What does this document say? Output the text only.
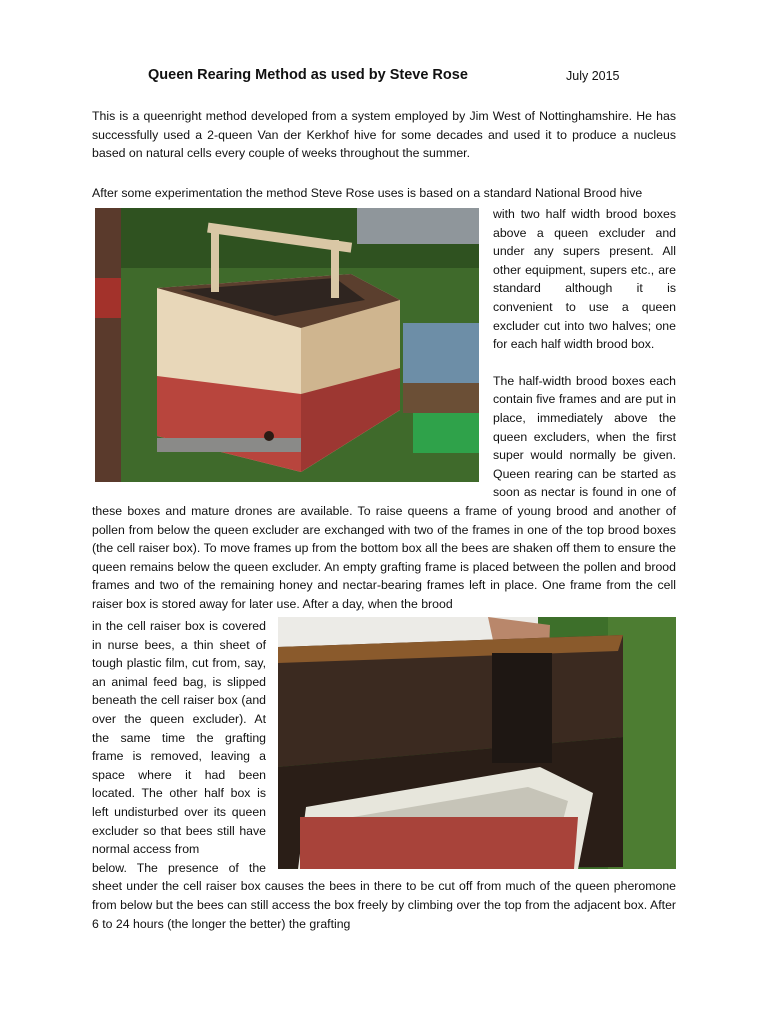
Queen Rearing Method as used by Steve Rose	July 2015

This is a queenright method developed from a system employed by Jim West of Nottinghamshire. He has successfully used a 2-queen Van der Kerkhof hive for some decades and used it to produce a nucleus based on natural cells every couple of weeks throughout the summer.

After some experimentation the method Steve Rose uses is based on a standard National Brood hive

with two half width brood boxes above a queen excluder and under any supers present. All other equipment, supers etc., are standard although it is convenient to use a queen excluder cut into two halves; one for each half width brood box.

The half-width brood boxes each contain five frames and are put in place, immediately above the queen excluders, when the first super would normally be given. Queen rearing can be started as soon as nectar is found in one of these boxes and mature drones are available. To raise queens a frame of young brood and another of pollen from below the queen excluder are exchanged with two of the frames in one of the top brood boxes (the cell raiser box). To move frames up from the bottom box all the bees are shaken off them to ensure the queen remains below the queen excluder. An empty grafting frame is placed between the pollen and brood frames and two of the remaining honey and nectar-bearing frames left in place. One frame from the cell raiser box is stored away for later use. After a day, when the brood

in the cell raiser box is covered in nurse bees, a thin sheet of tough plastic film, cut from, say, an animal feed bag, is slipped beneath the cell raiser box (and over the queen excluder). At the same time the grafting frame is removed, leaving a space where it had been located. The other half box is left undisturbed over its queen excluder so that bees still have normal access from

below. The presence of the sheet under the cell raiser box causes the bees in there to be cut off from much of the queen pheromone from below but the bees can still access the box freely by climbing over the top from the adjacent box. After 6 to 24 hours (the longer the better) the grafting
